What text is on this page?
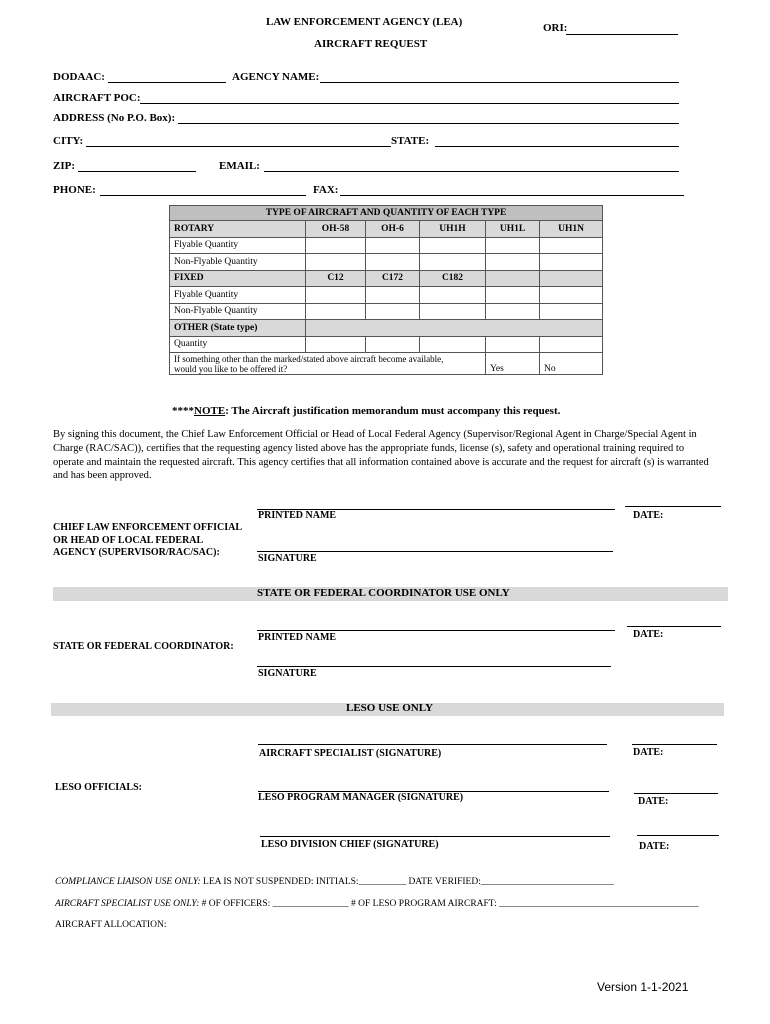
LAW ENFORCEMENT AGENCY (LEA)
AIRCRAFT REQUEST
ORI:
DODAAC:	AGENCY NAME:
AIRCRAFT POC:
ADDRESS (No P.O. Box):
CITY:	STATE:
ZIP:	EMAIL:
PHONE:	FAX:
TYPE OF AIRCRAFT AND QUANTITY OF EACH TYPE					
ROTARY	OH-58	OH-6	UH1H	UH1L	UH1N
Flyable Quantity					
Non-Flyable Quantity					
FIXED	C12	C172	C182		
Flyable Quantity					
Non-Flyable Quantity					
OTHER (State type)					
Quantity					
If something other than the marked/stated above aircraft become available,
would you like to be offered it?				Yes	No
****NOTE: The Aircraft justification memorandum must accompany this request.
By signing this document, the Chief Law Enforcement Official or Head of Local Federal Agency (Supervisor/Regional Agent in Charge/Special Agent in Charge (RAC/SAC)), certifies that the requesting agency listed above has the appropriate funds, license (s), safety and operational training required to operate and maintain the requested aircraft. This agency certifies that all information contained above is accurate and the request for aircraft (s) is warranted and has been approved.
CHIEF LAW ENFORCEMENT OFFICIAL
OR HEAD OF LOCAL FEDERAL
AGENCY (SUPERVISOR/RAC/SAC):
PRINTED NAME	DATE:
SIGNATURE
STATE OR FEDERAL COORDINATOR USE ONLY
STATE OR FEDERAL COORDINATOR:
PRINTED NAME	DATE:
SIGNATURE
LESO USE ONLY
LESO OFFICIALS:
AIRCRAFT SPECIALIST (SIGNATURE)	DATE:
LESO PROGRAM MANAGER (SIGNATURE)	DATE:
LESO DIVISION CHIEF (SIGNATURE)	DATE:
COMPLIANCE LIAISON USE ONLY: LEA IS NOT SUSPENDED: INITIALS:__________ DATE VERIFIED:____________________________
AIRCRAFT SPECIALIST USE ONLY: # OF OFFICERS: ________________ # OF LESO PROGRAM AIRCRAFT: __________________________________________
AIRCRAFT ALLOCATION:
Version 1-1-2021
